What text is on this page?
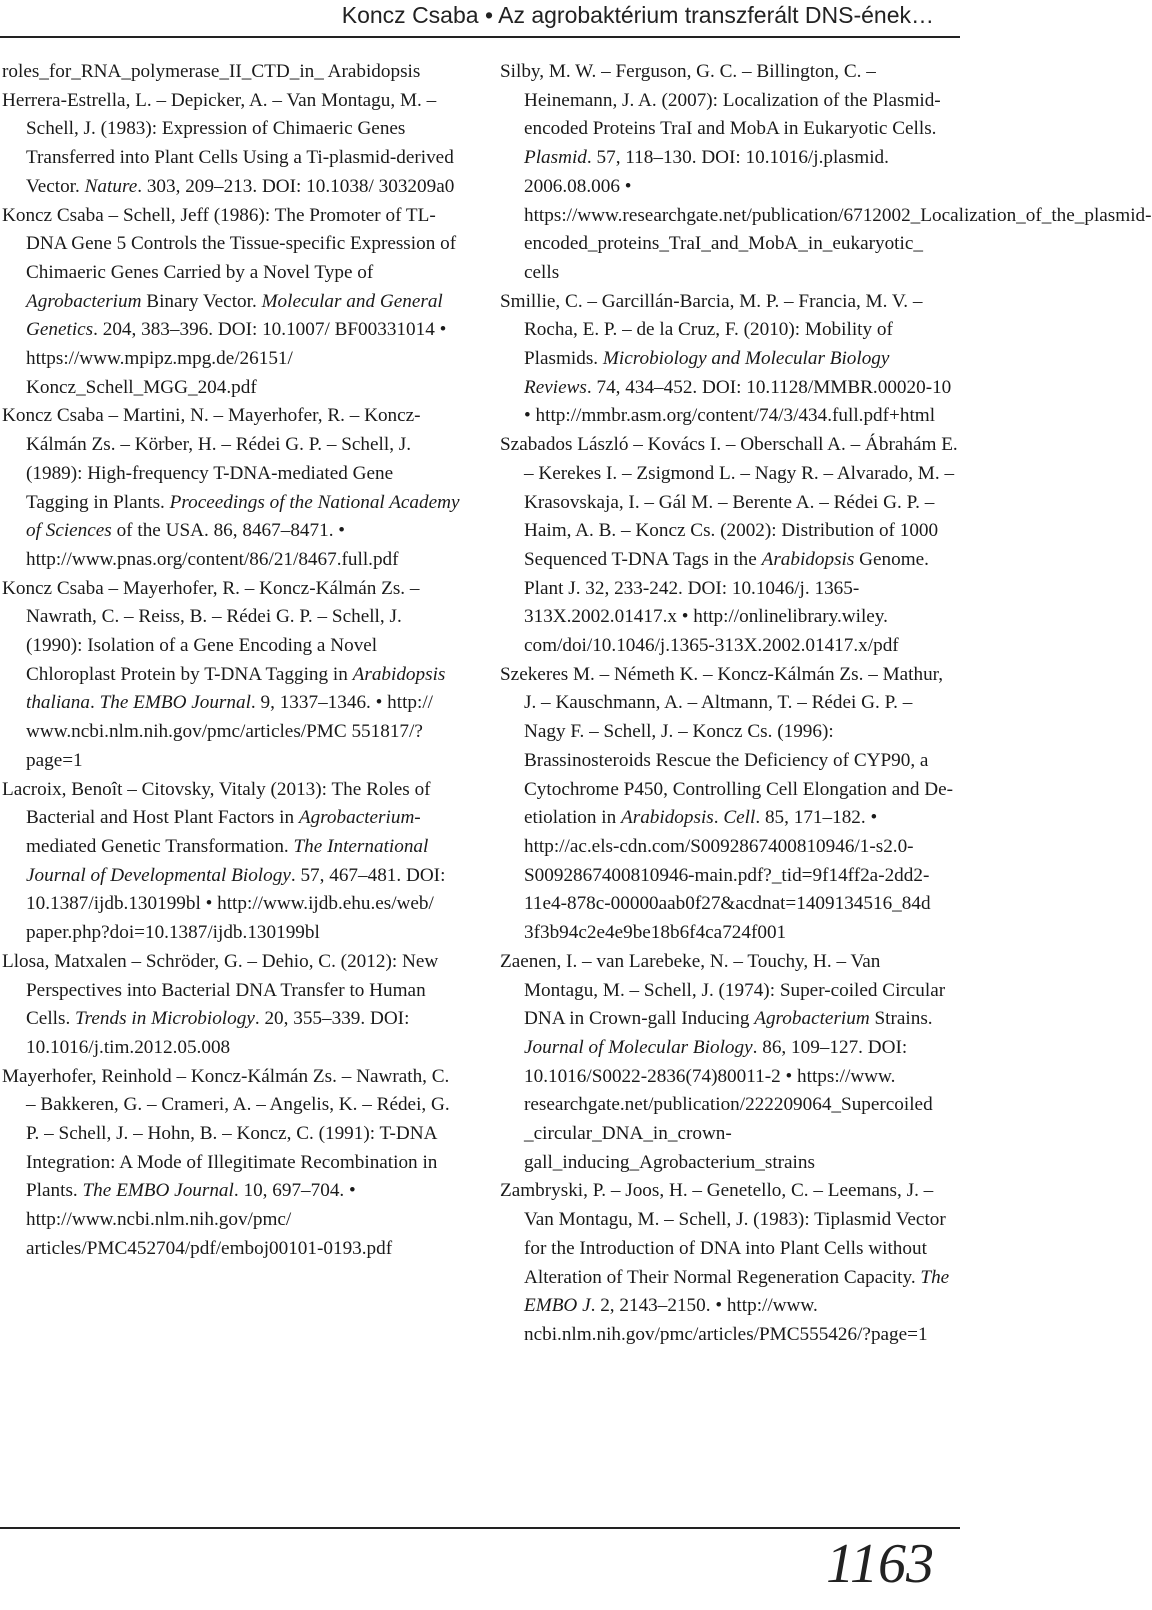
Koncz Csaba • Az agrobaktérium transzferált DNS-ének…

roles_for_RNA_polymerase_II_CTD_in_ Arabidopsis

Herrera-Estrella, L. – Depicker, A. – Van Montagu, M. – Schell, J. (1983): Expression of Chimaeric Genes Transferred into Plant Cells Using a Ti-plasmid-derived Vector. Nature. 303, 209–213. DOI: 10.1038/ 303209a0

Koncz Csaba – Schell, Jeff (1986): The Promoter of TL-DNA Gene 5 Controls the Tissue-specific Expression of Chimaeric Genes Carried by a Novel Type of Agrobacterium Binary Vector. Molecular and General Genetics. 204, 383–396. DOI: 10.1007/ BF00331014 • https://www.mpipz.mpg.de/26151/ Koncz_Schell_MGG_204.pdf

Koncz Csaba – Martini, N. – Mayerhofer, R. – Koncz-Kálmán Zs. – Körber, H. – Rédei G. P. – Schell, J. (1989): High-frequency T-DNA-mediated Gene Tagging in Plants. Proceedings of the National Academy of Sciences of the USA. 86, 8467–8471. • http://www.pnas.org/content/86/21/8467.full.pdf

Koncz Csaba – Mayerhofer, R. – Koncz-Kálmán Zs. – Nawrath, C. – Reiss, B. – Rédei G. P. – Schell, J. (1990): Isolation of a Gene Encoding a Novel Chloroplast Protein by T-DNA Tagging in Arabidopsis thaliana. The EMBO Journal. 9, 1337–1346. • http:// www.ncbi.nlm.nih.gov/pmc/articles/PMC 551817/?page=1

Lacroix, Benoît – Citovsky, Vitaly (2013): The Roles of Bacterial and Host Plant Factors in Agrobacterium-mediated Genetic Transformation. The International Journal of Developmental Biology. 57, 467–481. DOI: 10.1387/ijdb.130199bl • http://www.ijdb.ehu.es/web/ paper.php?doi=10.1387/ijdb.130199bl

Llosa, Matxalen – Schröder, G. – Dehio, C. (2012): New Perspectives into Bacterial DNA Transfer to Human Cells. Trends in Microbiology. 20, 355–339. DOI: 10.1016/j.tim.2012.05.008

Mayerhofer, Reinhold – Koncz-Kálmán Zs. – Nawrath, C. – Bakkeren, G. – Crameri, A. – Angelis, K. – Rédei, G. P. – Schell, J. – Hohn, B. – Koncz, C. (1991): T-DNA Integration: A Mode of Illegitimate Recombination in Plants. The EMBO Journal. 10, 697–704. • http://www.ncbi.nlm.nih.gov/pmc/ articles/PMC452704/pdf/emboj00101-0193.pdf

Silby, M. W. – Ferguson, G. C. – Billington, C. – Heinemann, J. A. (2007): Localization of the Plasmid-encoded Proteins TraI and MobA in Eukaryotic Cells. Plasmid. 57, 118–130. DOI: 10.1016/j.plasmid. 2006.08.006 • https://www.researchgate.net/publication/6712002_Localization_of_the_plasmid-encoded_proteins_TraI_and_MobA_in_eukaryotic_ cells

Smillie, C. – Garcillán-Barcia, M. P. – Francia, M. V. – Rocha, E. P. – de la Cruz, F. (2010): Mobility of Plasmids. Microbiology and Molecular Biology Reviews. 74, 434–452. DOI: 10.1128/MMBR.00020-10 • http://mmbr.asm.org/content/74/3/434.full.pdf+html

Szabados László – Kovács I. – Oberschall A. – Ábrahám E. – Kerekes I. – Zsigmond L. – Nagy R. – Alvarado, M. – Krasovskaja, I. – Gál M. – Berente A. – Rédei G. P. – Haim, A. B. – Koncz Cs. (2002): Distribution of 1000 Sequenced T-DNA Tags in the Arabidopsis Genome. Plant J. 32, 233-242. DOI: 10.1046/j. 1365-313X.2002.01417.x • http://onlinelibrary.wiley. com/doi/10.1046/j.1365-313X.2002.01417.x/pdf

Szekeres M. – Németh K. – Koncz-Kálmán Zs. – Mathur, J. – Kauschmann, A. – Altmann, T. – Rédei G. P. – Nagy F. – Schell, J. – Koncz Cs. (1996): Brassinosteroids Rescue the Deficiency of CYP90, a Cytochrome P450, Controlling Cell Elongation and De-etiolation in Arabidopsis. Cell. 85, 171–182. • http://ac.els-cdn.com/S0092867400810946/1-s2.0-S0092867400810946-main.pdf?_tid=9f14ff2a-2dd2-11e4-878c-00000aab0f27&acdnat=1409134516_84d 3f3b94c2e4e9be18b6f4ca724f001

Zaenen, I. – van Larebeke, N. – Touchy, H. – Van Montagu, M. – Schell, J. (1974): Super-coiled Circular DNA in Crown-gall Inducing Agrobacterium Strains. Journal of Molecular Biology. 86, 109–127. DOI: 10.1016/S0022-2836(74)80011-2 • https://www. researchgate.net/publication/222209064_Supercoiled _circular_DNA_in_crown-gall_inducing_Agrobacterium_strains

Zambryski, P. – Joos, H. – Genetello, C. – Leemans, J. – Van Montagu, M. – Schell, J. (1983): Tiplasmid Vector for the Introduction of DNA into Plant Cells without Alteration of Their Normal Regeneration Capacity. The EMBO J. 2, 2143–2150. • http://www. ncbi.nlm.nih.gov/pmc/articles/PMC555426/?page=1

1163
